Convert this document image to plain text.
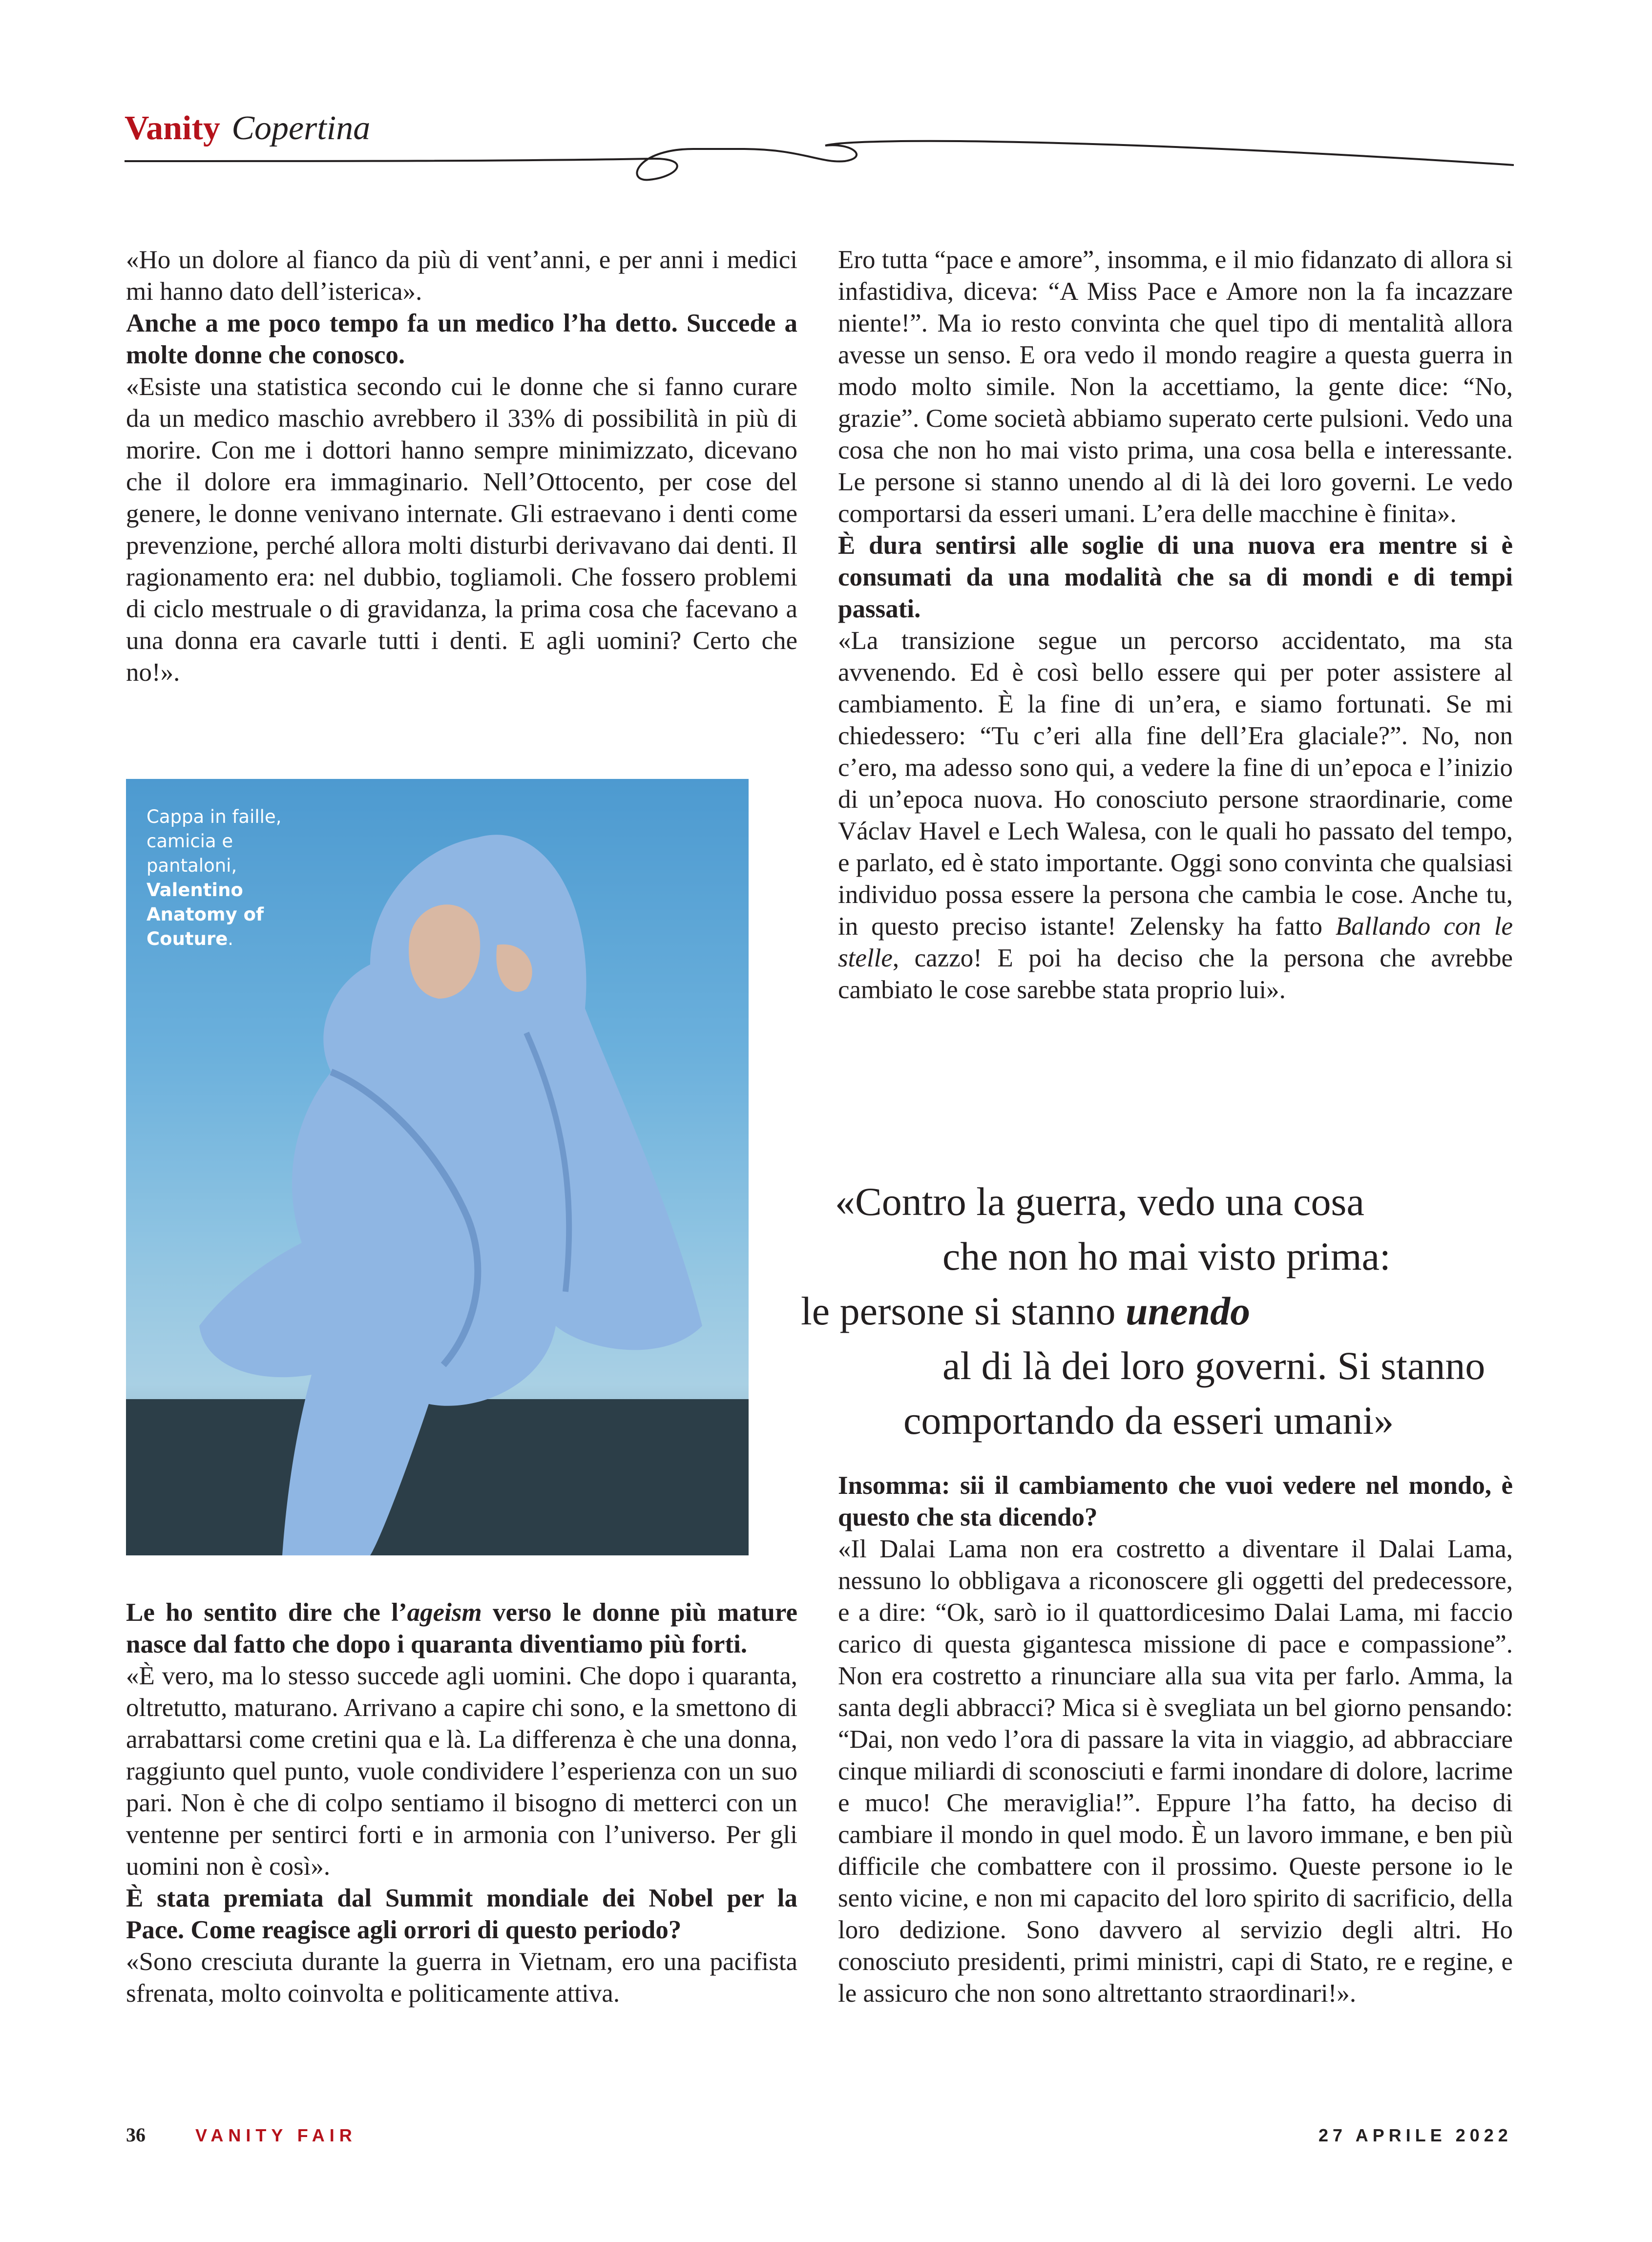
Vanity Copertina

«Ho un dolore al fianco da più di vent’anni, e per anni i medici mi hanno dato dell’isterica».

Anche a me poco tempo fa un medico l’ha detto. Succede a molte donne che conosco.

«Esiste una statistica secondo cui le donne che si fanno curare da un medico maschio avrebbero il 33% di possibilità in più di morire. Con me i dottori hanno sempre minimizzato, dicevano che il dolore era immaginario. Nell’Ottocento, per cose del genere, le donne venivano internate. Gli estraevano i denti come prevenzione, perché allora molti disturbi derivavano dai denti. Il ragionamento era: nel dubbio, togliamoli. Che fossero problemi di ciclo mestruale o di gravidanza, la prima cosa che facevano a una donna era cavarle tutti i denti. E agli uomini? Certo che no!».

Cappa in faille, camicia e pantaloni, Valentino Anatomy of Couture.

Le ho sentito dire che l’ageism verso le donne più mature nasce dal fatto che dopo i quaranta diventiamo più forti.

«È vero, ma lo stesso succede agli uomini. Che dopo i quaranta, oltretutto, maturano. Arrivano a capire chi sono, e la smettono di arrabattarsi come cretini qua e là. La differenza è che una donna, raggiunto quel punto, vuole condividere l’esperienza con un suo pari. Non è che di colpo sentiamo il bisogno di metterci con un ventenne per sentirci forti e in armonia con l’universo. Per gli uomini non è così».

È stata premiata dal Summit mondiale dei Nobel per la Pace. Come reagisce agli orrori di questo periodo?

«Sono cresciuta durante la guerra in Vietnam, ero una pacifista sfrenata, molto coinvolta e politicamente attiva.

Ero tutta “pace e amore”, insomma, e il mio fidanzato di allora si infastidiva, diceva: “A Miss Pace e Amore non la fa incazzare niente!”. Ma io resto convinta che quel tipo di mentalità allora avesse un senso. E ora vedo il mondo reagire a questa guerra in modo molto simile. Non la accettiamo, la gente dice: “No, grazie”. Come società abbiamo superato certe pulsioni. Vedo una cosa che non ho mai visto prima, una cosa bella e interessante. Le persone si stanno unendo al di là dei loro governi. Le vedo comportarsi da esseri umani. L’era delle macchine è finita».

È dura sentirsi alle soglie di una nuova era mentre si è consumati da una modalità che sa di mondi e di tempi passati.

«La transizione segue un percorso accidentato, ma sta avvenendo. Ed è così bello essere qui per poter assistere al cambiamento. È la fine di un’era, e siamo fortunati. Se mi chiedessero: “Tu c’eri alla fine dell’Era glaciale?”. No, non c’ero, ma adesso sono qui, a vedere la fine di un’epoca e l’inizio di un’epoca nuova. Ho conosciuto persone straordinarie, come Václav Havel e Lech Walesa, con le quali ho passato del tempo, e parlato, ed è stato importante. Oggi sono convinta che qualsiasi individuo possa essere la persona che cambia le cose. Anche tu, in questo preciso istante! Zelensky ha fatto Ballando con le stelle, cazzo! E poi ha deciso che la persona che avrebbe cambiato le cose sarebbe stata proprio lui».

«Contro la guerra, vedo una cosa
che non ho mai visto prima:
le persone si stanno unendo
al di là dei loro governi. Si stanno
comportando da esseri umani»

Insomma: sii il cambiamento che vuoi vedere nel mondo, è questo che sta dicendo?

«Il Dalai Lama non era costretto a diventare il Dalai Lama, nessuno lo obbligava a riconoscere gli oggetti del predecessore, e a dire: “Ok, sarò io il quattordicesimo Dalai Lama, mi faccio carico di questa gigantesca missione di pace e compassione”. Non era costretto a rinunciare alla sua vita per farlo. Amma, la santa degli abbracci? Mica si è svegliata un bel giorno pensando: “Dai, non vedo l’ora di passare la vita in viaggio, ad abbracciare cinque miliardi di sconosciuti e farmi inondare di dolore, lacrime e muco! Che meraviglia!”. Eppure l’ha fatto, ha deciso di cambiare il mondo in quel modo. È un lavoro immane, e ben più difficile che combattere con il prossimo. Queste persone io le sento vicine, e non mi capacito del loro spirito di sacrificio, della loro dedizione. Sono davvero al servizio degli altri. Ho conosciuto presidenti, primi ministri, capi di Stato, re e regine, e le assicuro che non sono altrettanto straordinari!».

36	VANITY FAIR	27 APRILE 2022
